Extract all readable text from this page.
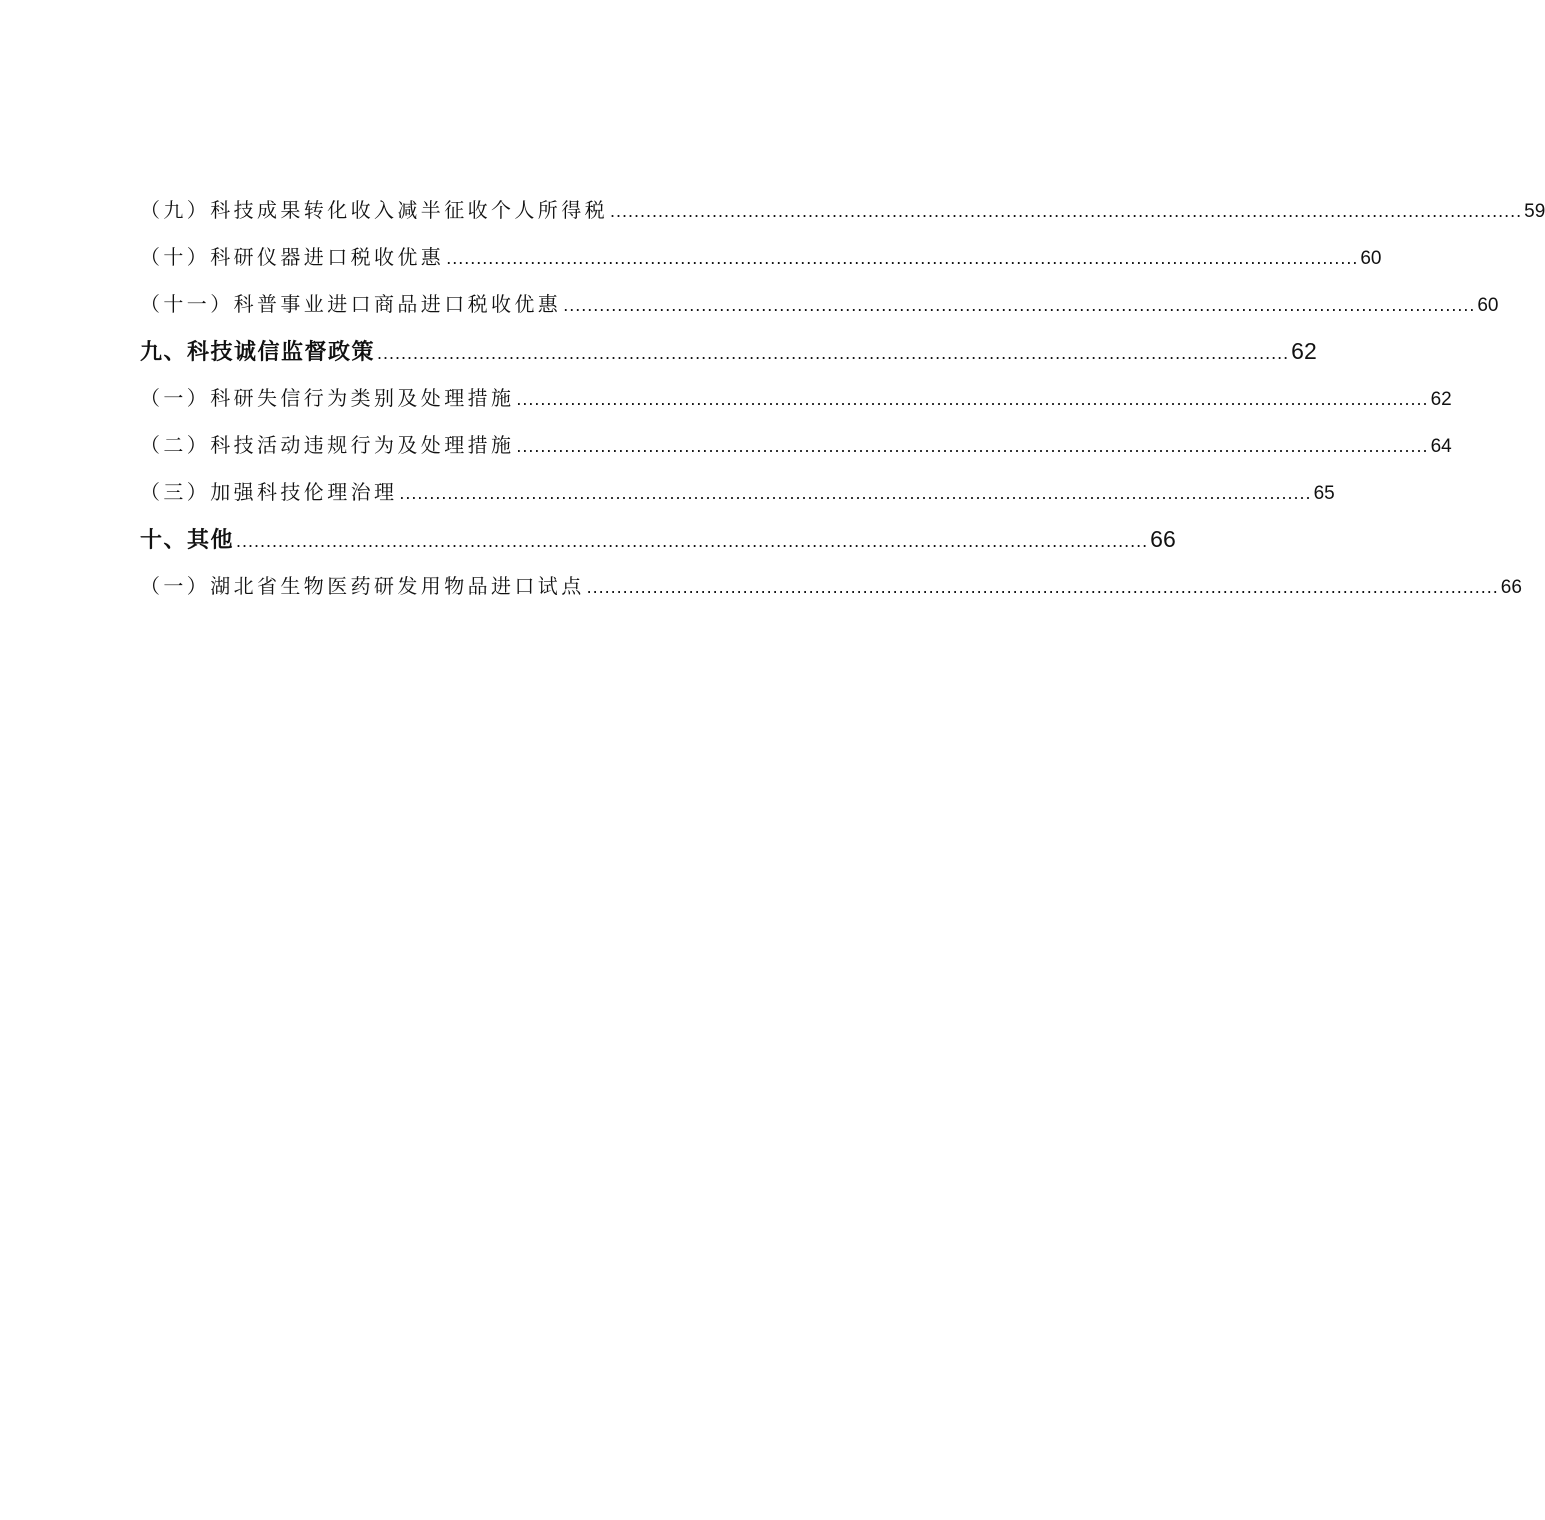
（九）科技成果转化收入减半征收个人所得税 ........................................................................................................................................................ 59
（十）科研仪器进口税收优惠 ........................................................................................................................................................ 60
（十一）科普事业进口商品进口税收优惠 ........................................................................................................................................................ 60
九、科技诚信监督政策 ........................................................................................................................................................ 62
（一）科研失信行为类别及处理措施 ........................................................................................................................................................ 62
（二）科技活动违规行为及处理措施 ........................................................................................................................................................ 64
（三）加强科技伦理治理 ........................................................................................................................................................ 65
十、其他 ........................................................................................................................................................ 66
（一）湖北省生物医药研发用物品进口试点 ........................................................................................................................................................ 66
